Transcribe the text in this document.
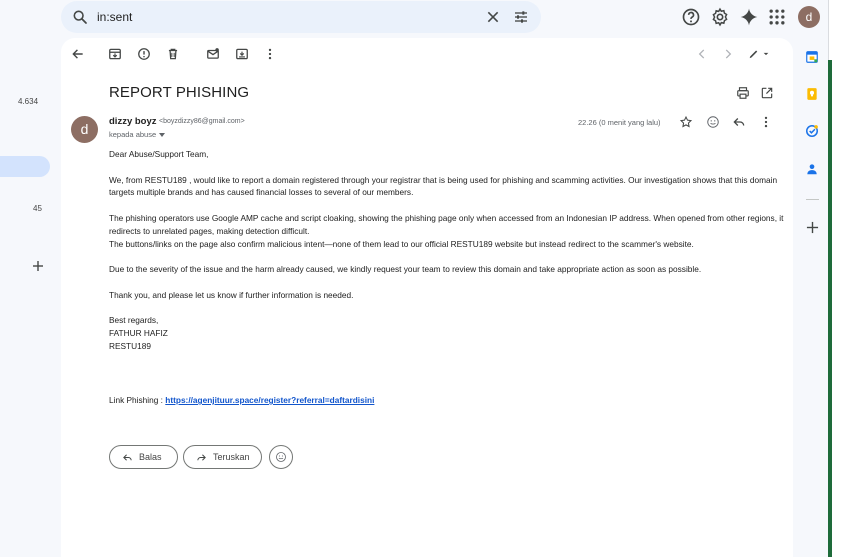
in:sent
d
4.634
45
REPORT PHISHING
d	dizzy boyz <boyzdizzy86@gmail.com>
kepada abuse
22.26 (0 menit yang lalu)

Dear Abuse/Support Team,

We, from RESTU189 , would like to report a domain registered through your registrar that is being used for phishing and scamming activities. Our investigation shows that this domain targets multiple brands and has caused financial losses to several of our members.

The phishing operators use Google AMP cache and script cloaking, showing the phishing page only when accessed from an Indonesian IP address. When opened from other regions, it redirects to unrelated pages, making detection difficult.

The buttons/links on the page also confirm malicious intent—none of them lead to our official RESTU189 website but instead redirect to the scammer's website.

Due to the severity of the issue and the harm already caused, we kindly request your team to review this domain and take appropriate action as soon as possible.

Thank you, and please let us know if further information is needed.

Best regards,

FATHUR HAFIZ

RESTU189

Link Phishing : https://agenjituur.space/register?referral=daftardisini
Balas	Teruskan
